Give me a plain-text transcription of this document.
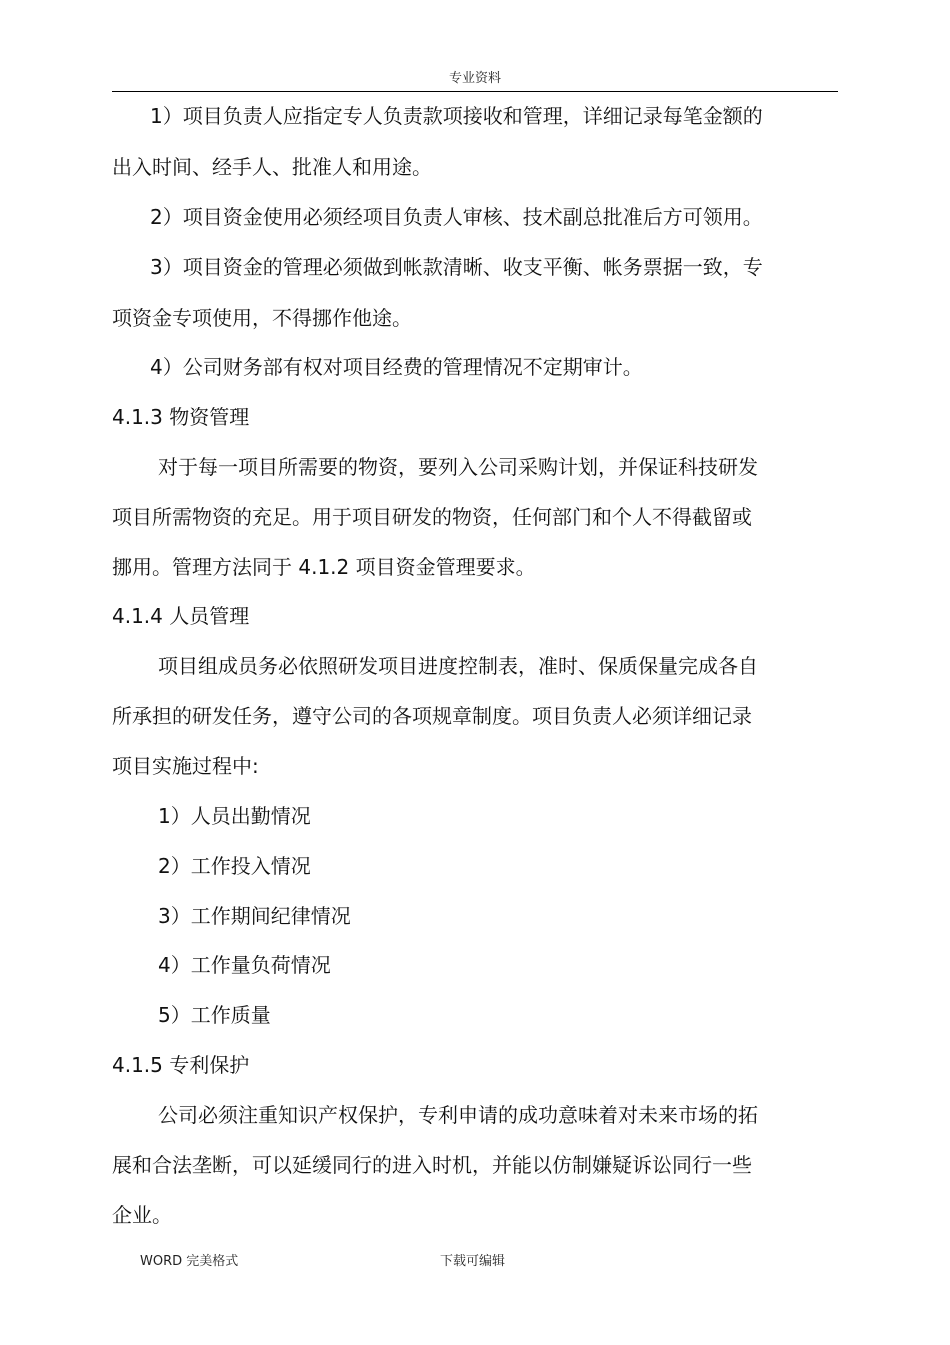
专业资料
1）项目负责人应指定专人负责款项接收和管理，详细记录每笔金额的
出入时间、经手人、批准人和用途。
2）项目资金使用必须经项目负责人审核、技术副总批准后方可领用。
3）项目资金的管理必须做到帐款清晰、收支平衡、帐务票据一致，专
项资金专项使用，不得挪作他途。
4）公司财务部有权对项目经费的管理情况不定期审计。
4.1.3 物资管理
对于每一项目所需要的物资，要列入公司采购计划，并保证科技研发
项目所需物资的充足。用于项目研发的物资，任何部门和个人不得截留或
挪用。管理方法同于 4.1.2 项目资金管理要求。
4.1.4 人员管理
项目组成员务必依照研发项目进度控制表，准时、保质保量完成各自
所承担的研发任务，遵守公司的各项规章制度。项目负责人必须详细记录
项目实施过程中:
1）人员出勤情况
2）工作投入情况
3）工作期间纪律情况
4）工作量负荷情况
5）工作质量
4.1.5 专利保护
公司必须注重知识产权保护，专利申请的成功意味着对未来市场的拓
展和合法垄断，可以延缓同行的进入时机，并能以仿制嫌疑诉讼同行一些
企业。
WORD 完美格式	下载可编辑
